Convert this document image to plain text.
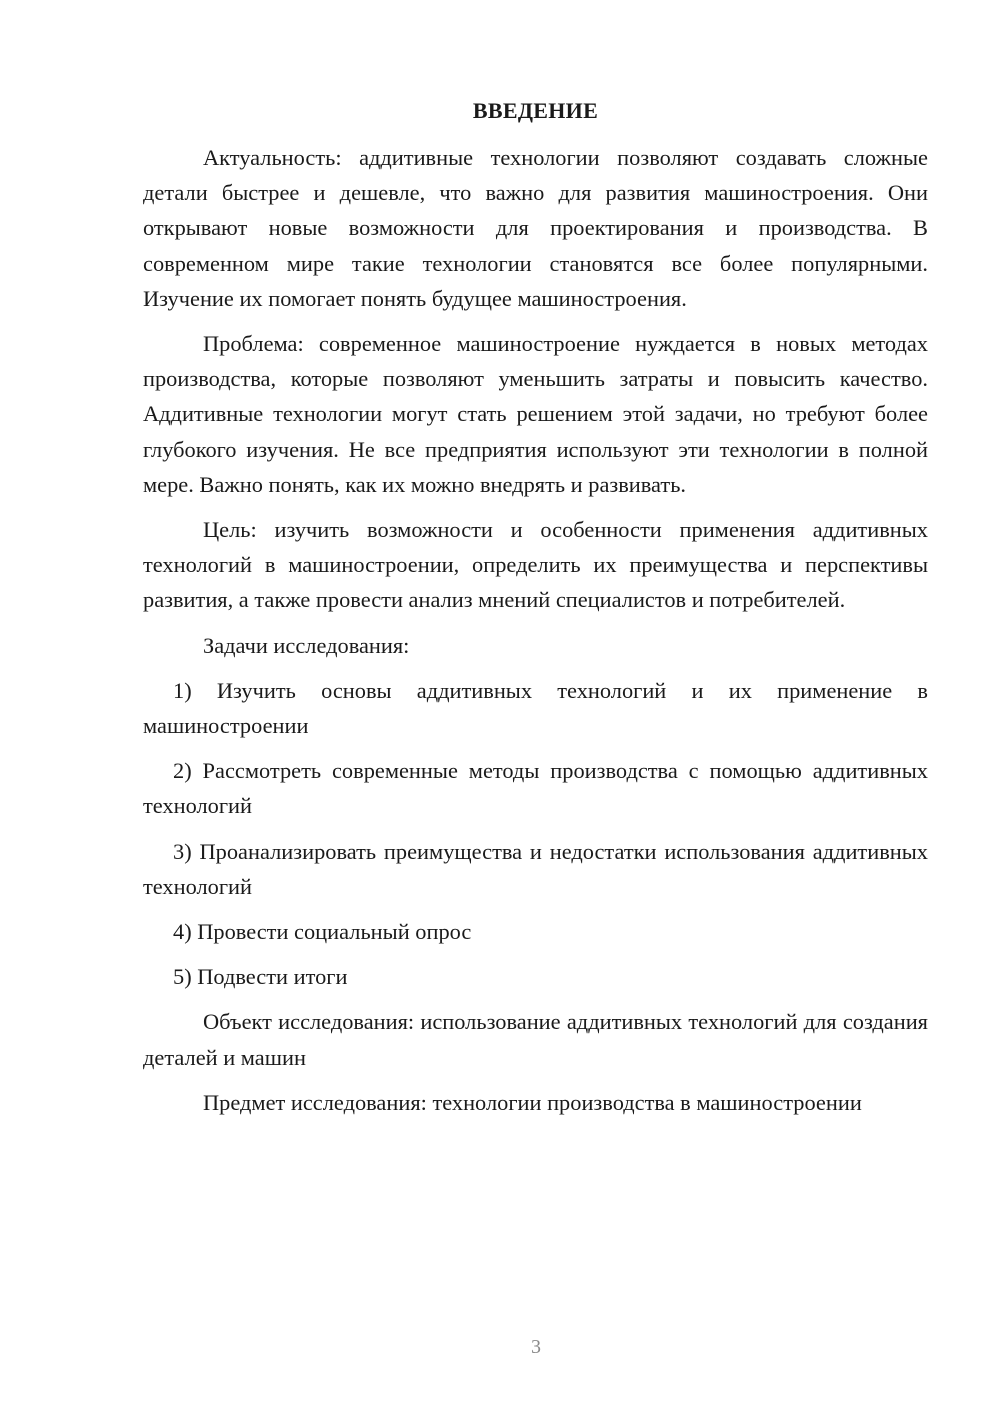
ВВЕДЕНИЕ

Актуальность: аддитивные технологии позволяют создавать сложные детали быстрее и дешевле, что важно для развития машиностроения. Они открывают новые возможности для проектирования и производства. В современном мире такие технологии становятся все более популярными. Изучение их помогает понять будущее машиностроения.

Проблема: современное машиностроение нуждается в новых методах производства, которые позволяют уменьшить затраты и повысить качество. Аддитивные технологии могут стать решением этой задачи, но требуют более глубокого изучения. Не все предприятия используют эти технологии в полной мере. Важно понять, как их можно внедрять и развивать.

Цель: изучить возможности и особенности применения аддитивных технологий в машиностроении, определить их преимущества и перспективы развития, а также провести анализ мнений специалистов и потребителей.

Задачи исследования:

1) Изучить основы аддитивных технологий и их применение в машиностроении

2) Рассмотреть современные методы производства с помощью аддитивных технологий

3) Проанализировать преимущества и недостатки использования аддитивных технологий

4) Провести социальный опрос

5) Подвести итоги

Объект исследования: использование аддитивных технологий для создания деталей и машин

Предмет исследования: технологии производства в машиностроении

3
